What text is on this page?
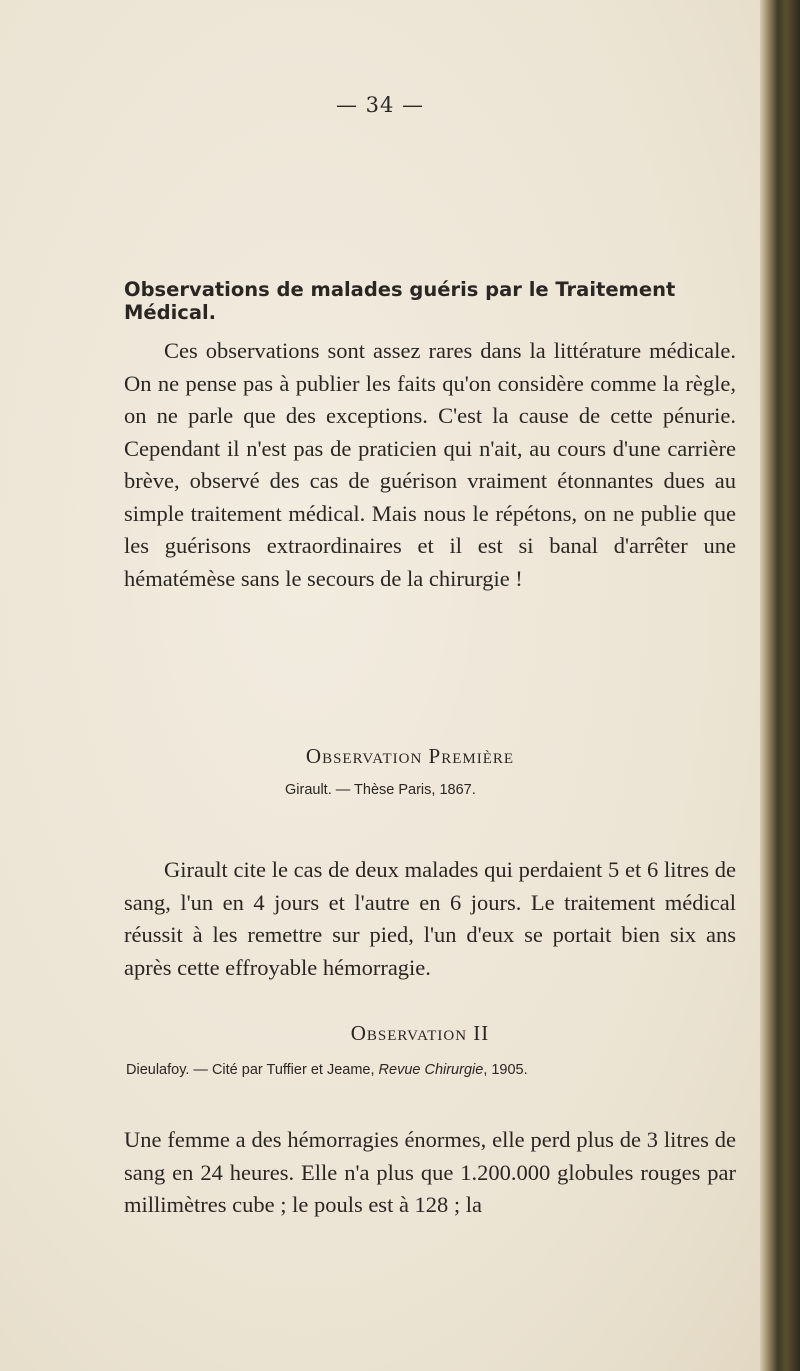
— 34 —
Observations de malades guéris par le Traitement Médical.

Ces observations sont assez rares dans la littérature médicale. On ne pense pas à publier les faits qu'on considère comme la règle, on ne parle que des exceptions. C'est la cause de cette pénurie. Cependant il n'est pas de praticien qui n'ait, au cours d'une carrière brève, observé des cas de guérison vraiment étonnantes dues au simple traitement médical. Mais nous le répétons, on ne publie que les guérisons extraordinaires et il est si banal d'arrêter une hématémèse sans le secours de la chirurgie !

Observation Première
Girault. — Thèse Paris, 1867.

Girault cite le cas de deux malades qui perdaient 5 et 6 litres de sang, l'un en 4 jours et l'autre en 6 jours. Le traitement médical réussit à les remettre sur pied, l'un d'eux se portait bien six ans après cette effroyable hémorragie.

Observation II
Dieulafoy. — Cité par Tuffier et Jeame, Revue Chirurgie, 1905.

Une femme a des hémorragies énormes, elle perd plus de 3 litres de sang en 24 heures. Elle n'a plus que 1.200.000 globules rouges par millimètres cube ; le pouls est à 128 ; la
